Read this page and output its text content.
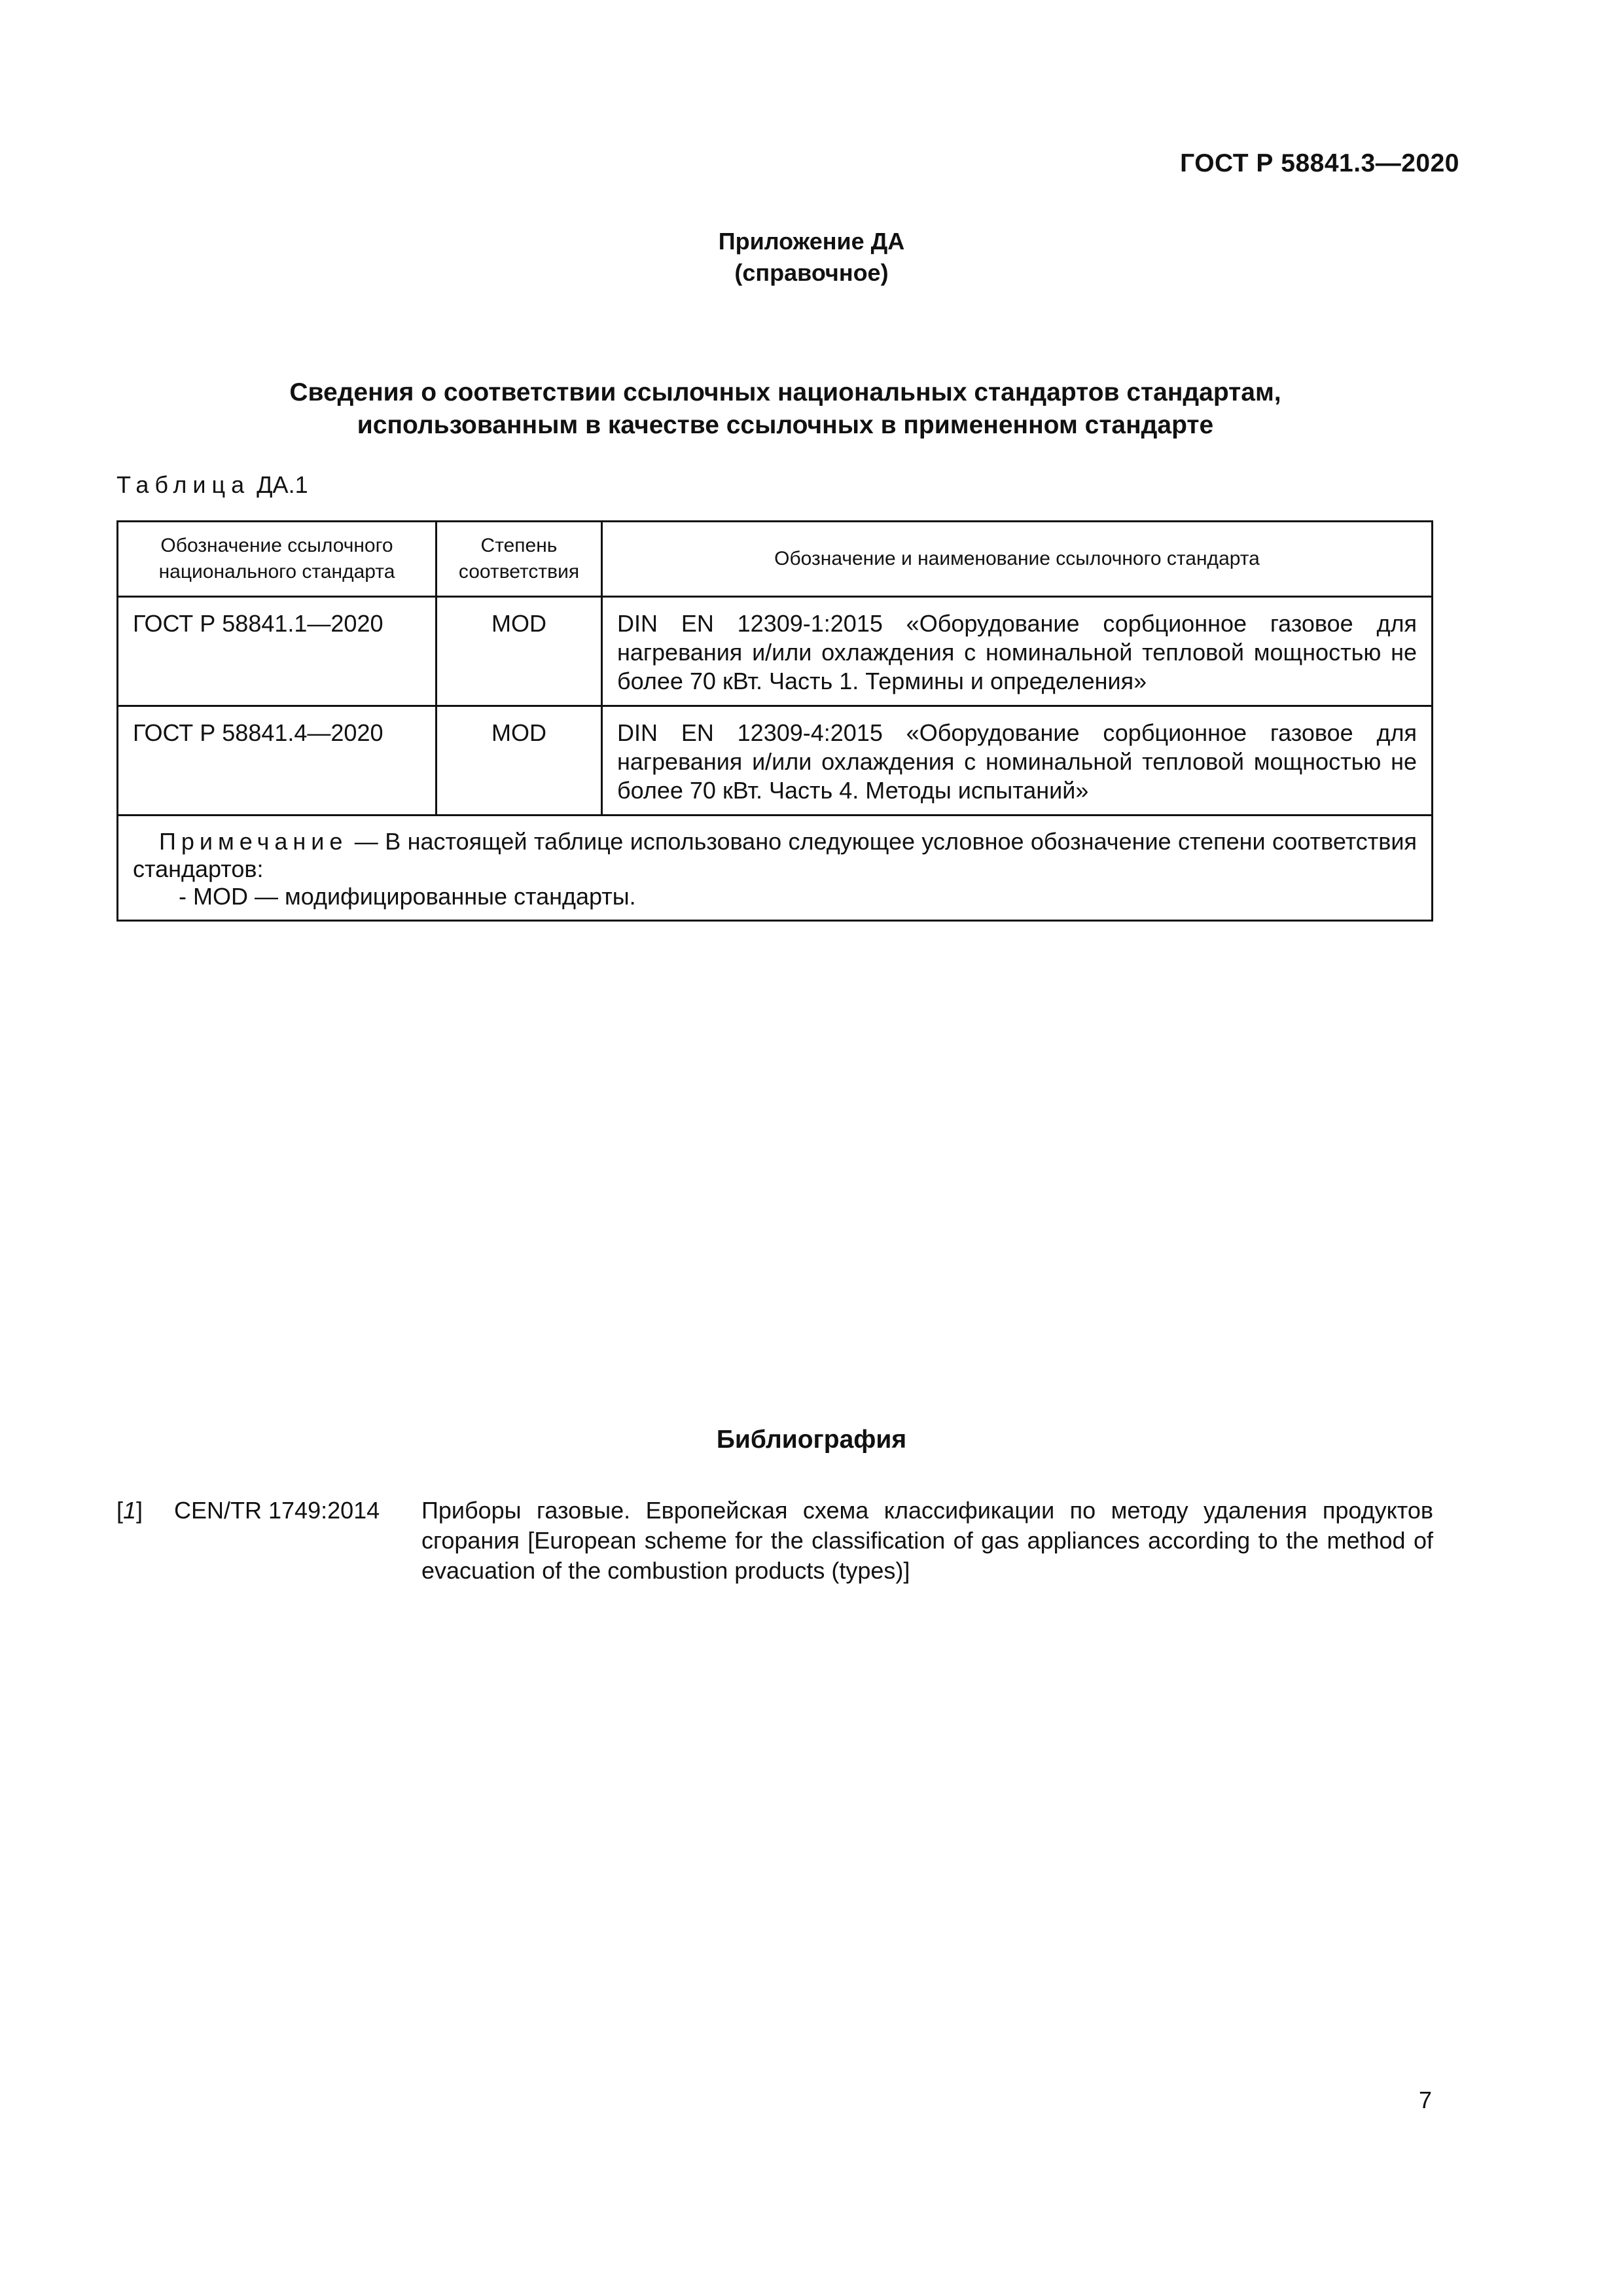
ГОСТ Р 58841.3—2020
Приложение ДА
(справочное)
Сведения о соответствии ссылочных национальных стандартов стандартам,
использованным в качестве ссылочных в примененном стандарте
Таблица ДА.1
Обозначение ссылочного национального стандарта	Степень соответствия	Обозначение и наименование ссылочного стандарта
ГОСТ Р 58841.1—2020	MOD	DIN EN 12309-1:2015 «Оборудование сорбционное газовое для нагревания и/или охлаждения с номинальной тепловой мощностью не более 70 кВт. Часть 1. Термины и определения»
ГОСТ Р 58841.4—2020	MOD	DIN EN 12309-4:2015 «Оборудование сорбционное газовое для нагревания и/или охлаждения с номинальной тепловой мощностью не более 70 кВт. Часть 4. Методы испытаний»

Примечание — В настоящей таблице использовано следующее условное обозначение степени соответствия стандартов:
- MOD — модифицированные стандарты.		
Библиография
[1] CEN/TR 1749:2014 Приборы газовые. Европейская схема классификации по методу удаления продуктов сгорания [European scheme for the classification of gas appliances according to the method of evacuation of the combustion products (types)]
7
